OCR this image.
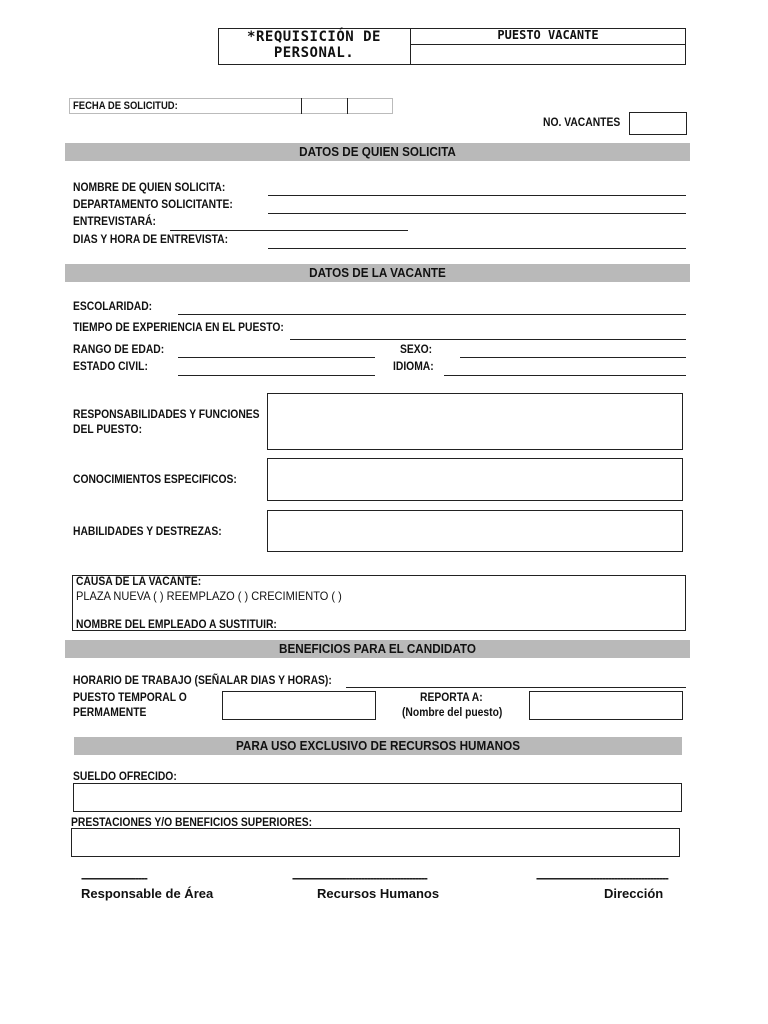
*REQUISICIÓN DE PERSONAL.
PUESTO VACANTE
FECHA DE SOLICITUD:
NO. VACANTES
DATOS DE QUIEN SOLICITA
NOMBRE DE QUIEN SOLICITA:
DEPARTAMENTO SOLICITANTE:
ENTREVISTARÁ:
DIAS Y HORA DE ENTREVISTA:
DATOS DE LA VACANTE
ESCOLARIDAD:
TIEMPO DE EXPERIENCIA EN EL PUESTO:
RANGO DE EDAD:	SEXO:
ESTADO CIVIL:	IDIOMA:
RESPONSABILIDADES Y FUNCIONES
DEL PUESTO:
CONOCIMIENTOS ESPECIFICOS:
HABILIDADES Y DESTREZAS:
CAUSA DE LA VACANTE:
PLAZA NUEVA ( ) REEMPLAZO ( ) CRECIMIENTO ( )
NOMBRE DEL EMPLEADO A SUSTITUIR:
BENEFICIOS PARA EL CANDIDATO
HORARIO DE TRABAJO (SEÑALAR DIAS Y HORAS):
PUESTO TEMPORAL O
PERMAMENTE
REPORTA A:
(Nombre del puesto)
PARA USO EXCLUSIVO DE RECURSOS HUMANOS
SUELDO OFRECIDO:
PRESTACIONES Y/O BENEFICIOS SUPERIORES:
----------------------	---------------------------------------------	--------------------------------------------
Responsable de Área	Recursos Humanos	Dirección
